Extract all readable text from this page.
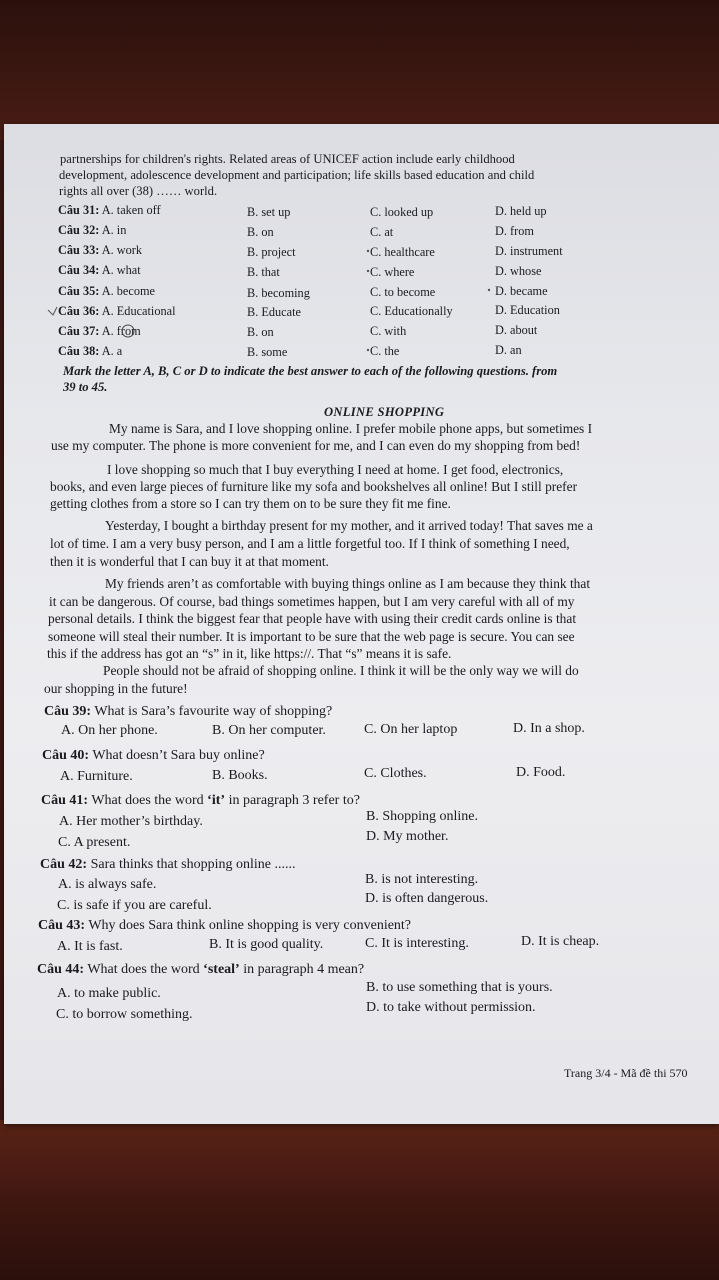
partnerships for children's rights. Related areas of UNICEF action include early childhood
development, adolescence development and participation; life skills based education and child
rights all over (38) …… world.
Câu 31: A. taken off	B. set up	C. looked up	D. held up
Câu 32: A. in	B. on	C. at	D. from
Câu 33: A. work	B. project	C. healthcare	D. instrument
Câu 34: A. what	B. that	C. where	D. whose
Câu 35: A. become	B. becoming	C. to become	D. became
Câu 36: A. Educational	B. Educate	C. Educationally	D. Education
Câu 37: A. from	B. on	C. with	D. about
Câu 38: A. a	B. some	C. the	D. an
Mark the letter A, B, C or D to indicate the best answer to each of the following questions. from
39 to 45.
ONLINE SHOPPING
My name is Sara, and I love shopping online. I prefer mobile phone apps, but sometimes I
use my computer. The phone is more convenient for me, and I can even do my shopping from bed!
I love shopping so much that I buy everything I need at home. I get food, electronics,
books, and even large pieces of furniture like my sofa and bookshelves all online! But I still prefer
getting clothes from a store so I can try them on to be sure they fit me fine.
Yesterday, I bought a birthday present for my mother, and it arrived today! That saves me a
lot of time. I am a very busy person, and I am a little forgetful too. If I think of something I need,
then it is wonderful that I can buy it at that moment.
My friends aren’t as comfortable with buying things online as I am because they think that
it can be dangerous. Of course, bad things sometimes happen, but I am very careful with all of my
personal details. I think the biggest fear that people have with using their credit cards online is that
someone will steal their number. It is important to be sure that the web page is secure. You can see
this if the address has got an “s” in it, like https://. That “s” means it is safe.
People should not be afraid of shopping online. I think it will be the only way we will do
our shopping in the future!
Câu 39: What is Sara’s favourite way of shopping?
A. On her phone.	B. On her computer.	C. On her laptop	D. In a shop.
Câu 40: What doesn’t Sara buy online?
A. Furniture.	B. Books.	C. Clothes.	D. Food.
Câu 41: What does the word ‘it’ in paragraph 3 refer to?
A. Her mother’s birthday.	B. Shopping online.
C. A present.	D. My mother.
Câu 42: Sara thinks that shopping online ......
A. is always safe.	B. is not interesting.
C. is safe if you are careful.	D. is often dangerous.
Câu 43: Why does Sara think online shopping is very convenient?
A. It is fast.	B. It is good quality.	C. It is interesting.	D. It is cheap.
Câu 44: What does the word ‘steal’ in paragraph 4 mean?
A. to make public.	B. to use something that is yours.
C. to borrow something.	D. to take without permission.
Trang 3/4 - Mã đề thi 570
